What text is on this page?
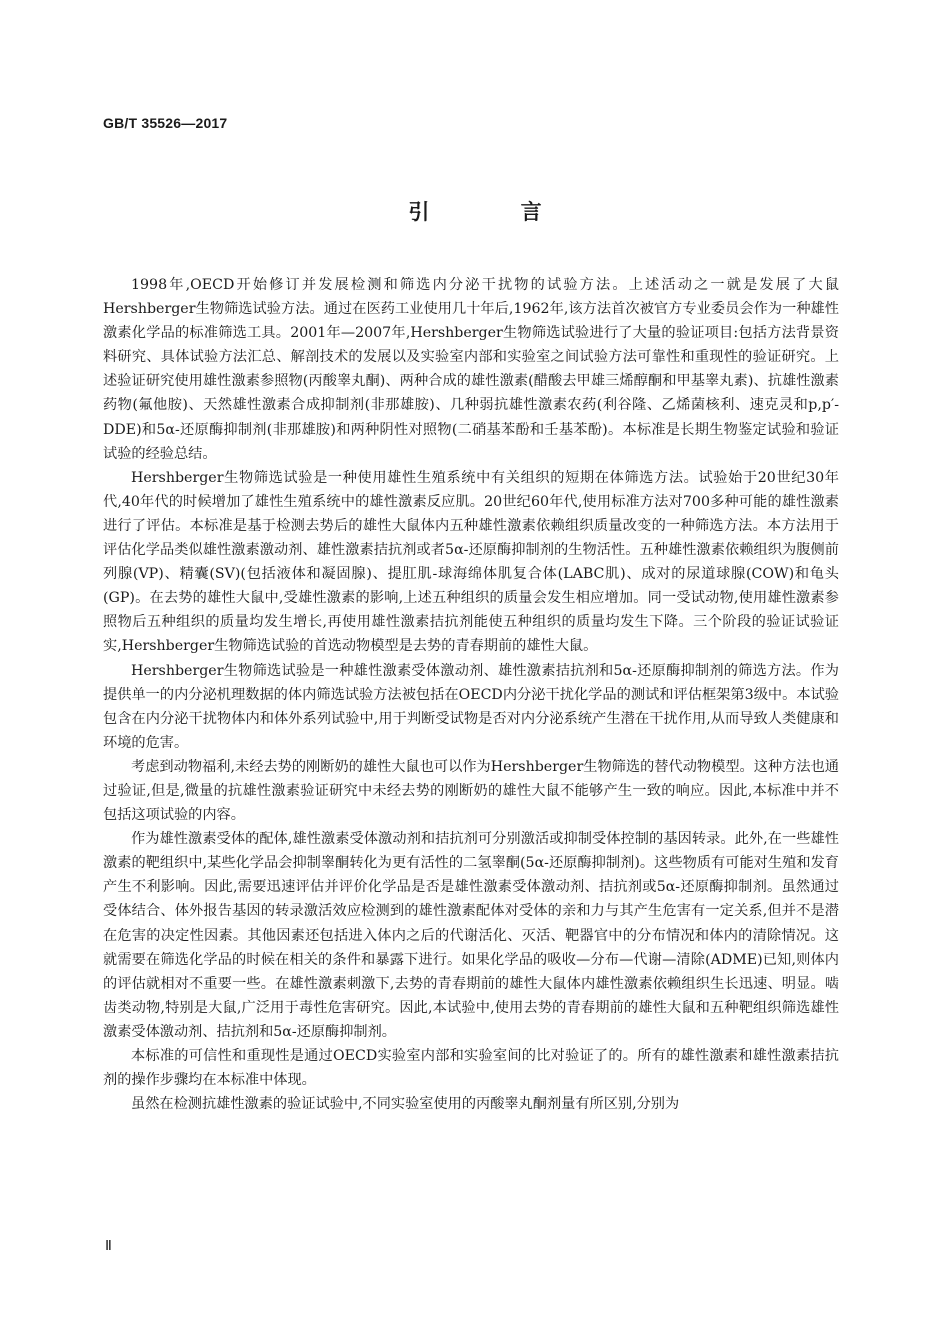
GB/T 35526—2017
引 言

1998年,OECD开始修订并发展检测和筛选内分泌干扰物的试验方法。上述活动之一就是发展了大鼠Hershberger生物筛选试验方法。通过在医药工业使用几十年后,1962年,该方法首次被官方专业委员会作为一种雄性激素化学品的标准筛选工具。2001年—2007年,Hershberger生物筛选试验进行了大量的验证项目:包括方法背景资料研究、具体试验方法汇总、解剖技术的发展以及实验室内部和实验室之间试验方法可靠性和重现性的验证研究。上述验证研究使用雄性激素参照物(丙酸睾丸酮)、两种合成的雄性激素(醋酸去甲雄三烯醇酮和甲基睾丸素)、抗雄性激素药物(氟他胺)、天然雄性激素合成抑制剂(非那雄胺)、几种弱抗雄性激素农药(利谷隆、乙烯菌核利、速克灵和p,p′-DDE)和5α-还原酶抑制剂(非那雄胺)和两种阴性对照物(二硝基苯酚和壬基苯酚)。本标准是长期生物鉴定试验和验证试验的经验总结。

Hershberger生物筛选试验是一种使用雄性生殖系统中有关组织的短期在体筛选方法。试验始于20世纪30年代,40年代的时候增加了雄性生殖系统中的雄性激素反应肌。20世纪60年代,使用标准方法对700多种可能的雄性激素进行了评估。本标准是基于检测去势后的雄性大鼠体内五种雄性激素依赖组织质量改变的一种筛选方法。本方法用于评估化学品类似雄性激素激动剂、雄性激素拮抗剂或者5α-还原酶抑制剂的生物活性。五种雄性激素依赖组织为腹侧前列腺(VP)、精囊(SV)(包括液体和凝固腺)、提肛肌-球海绵体肌复合体(LABC肌)、成对的尿道球腺(COW)和龟头(GP)。在去势的雄性大鼠中,受雄性激素的影响,上述五种组织的质量会发生相应增加。同一受试动物,使用雄性激素参照物后五种组织的质量均发生增长,再使用雄性激素拮抗剂能使五种组织的质量均发生下降。三个阶段的验证试验证实,Hershberger生物筛选试验的首选动物模型是去势的青春期前的雄性大鼠。

Hershberger生物筛选试验是一种雄性激素受体激动剂、雄性激素拮抗剂和5α-还原酶抑制剂的筛选方法。作为提供单一的内分泌机理数据的体内筛选试验方法被包括在OECD内分泌干扰化学品的测试和评估框架第3级中。本试验包含在内分泌干扰物体内和体外系列试验中,用于判断受试物是否对内分泌系统产生潜在干扰作用,从而导致人类健康和环境的危害。

考虑到动物福利,未经去势的刚断奶的雄性大鼠也可以作为Hershberger生物筛选的替代动物模型。这种方法也通过验证,但是,微量的抗雄性激素验证研究中未经去势的刚断奶的雄性大鼠不能够产生一致的响应。因此,本标准中并不包括这项试验的内容。

作为雄性激素受体的配体,雄性激素受体激动剂和拮抗剂可分别激活或抑制受体控制的基因转录。此外,在一些雄性激素的靶组织中,某些化学品会抑制睾酮转化为更有活性的二氢睾酮(5α-还原酶抑制剂)。这些物质有可能对生殖和发育产生不利影响。因此,需要迅速评估并评价化学品是否是雄性激素受体激动剂、拮抗剂或5α-还原酶抑制剂。虽然通过受体结合、体外报告基因的转录激活效应检测到的雄性激素配体对受体的亲和力与其产生危害有一定关系,但并不是潜在危害的决定性因素。其他因素还包括进入体内之后的代谢活化、灭活、靶器官中的分布情况和体内的清除情况。这就需要在筛选化学品的时候在相关的条件和暴露下进行。如果化学品的吸收—分布—代谢—清除(ADME)已知,则体内的评估就相对不重要一些。在雄性激素刺激下,去势的青春期前的雄性大鼠体内雄性激素依赖组织生长迅速、明显。啮齿类动物,特别是大鼠,广泛用于毒性危害研究。因此,本试验中,使用去势的青春期前的雄性大鼠和五种靶组织筛选雄性激素受体激动剂、拮抗剂和5α-还原酶抑制剂。

本标准的可信性和重现性是通过OECD实验室内部和实验室间的比对验证了的。所有的雄性激素和雄性激素拮抗剂的操作步骤均在本标准中体现。

虽然在检测抗雄性激素的验证试验中,不同实验室使用的丙酸睾丸酮剂量有所区别,分别为

Ⅱ
